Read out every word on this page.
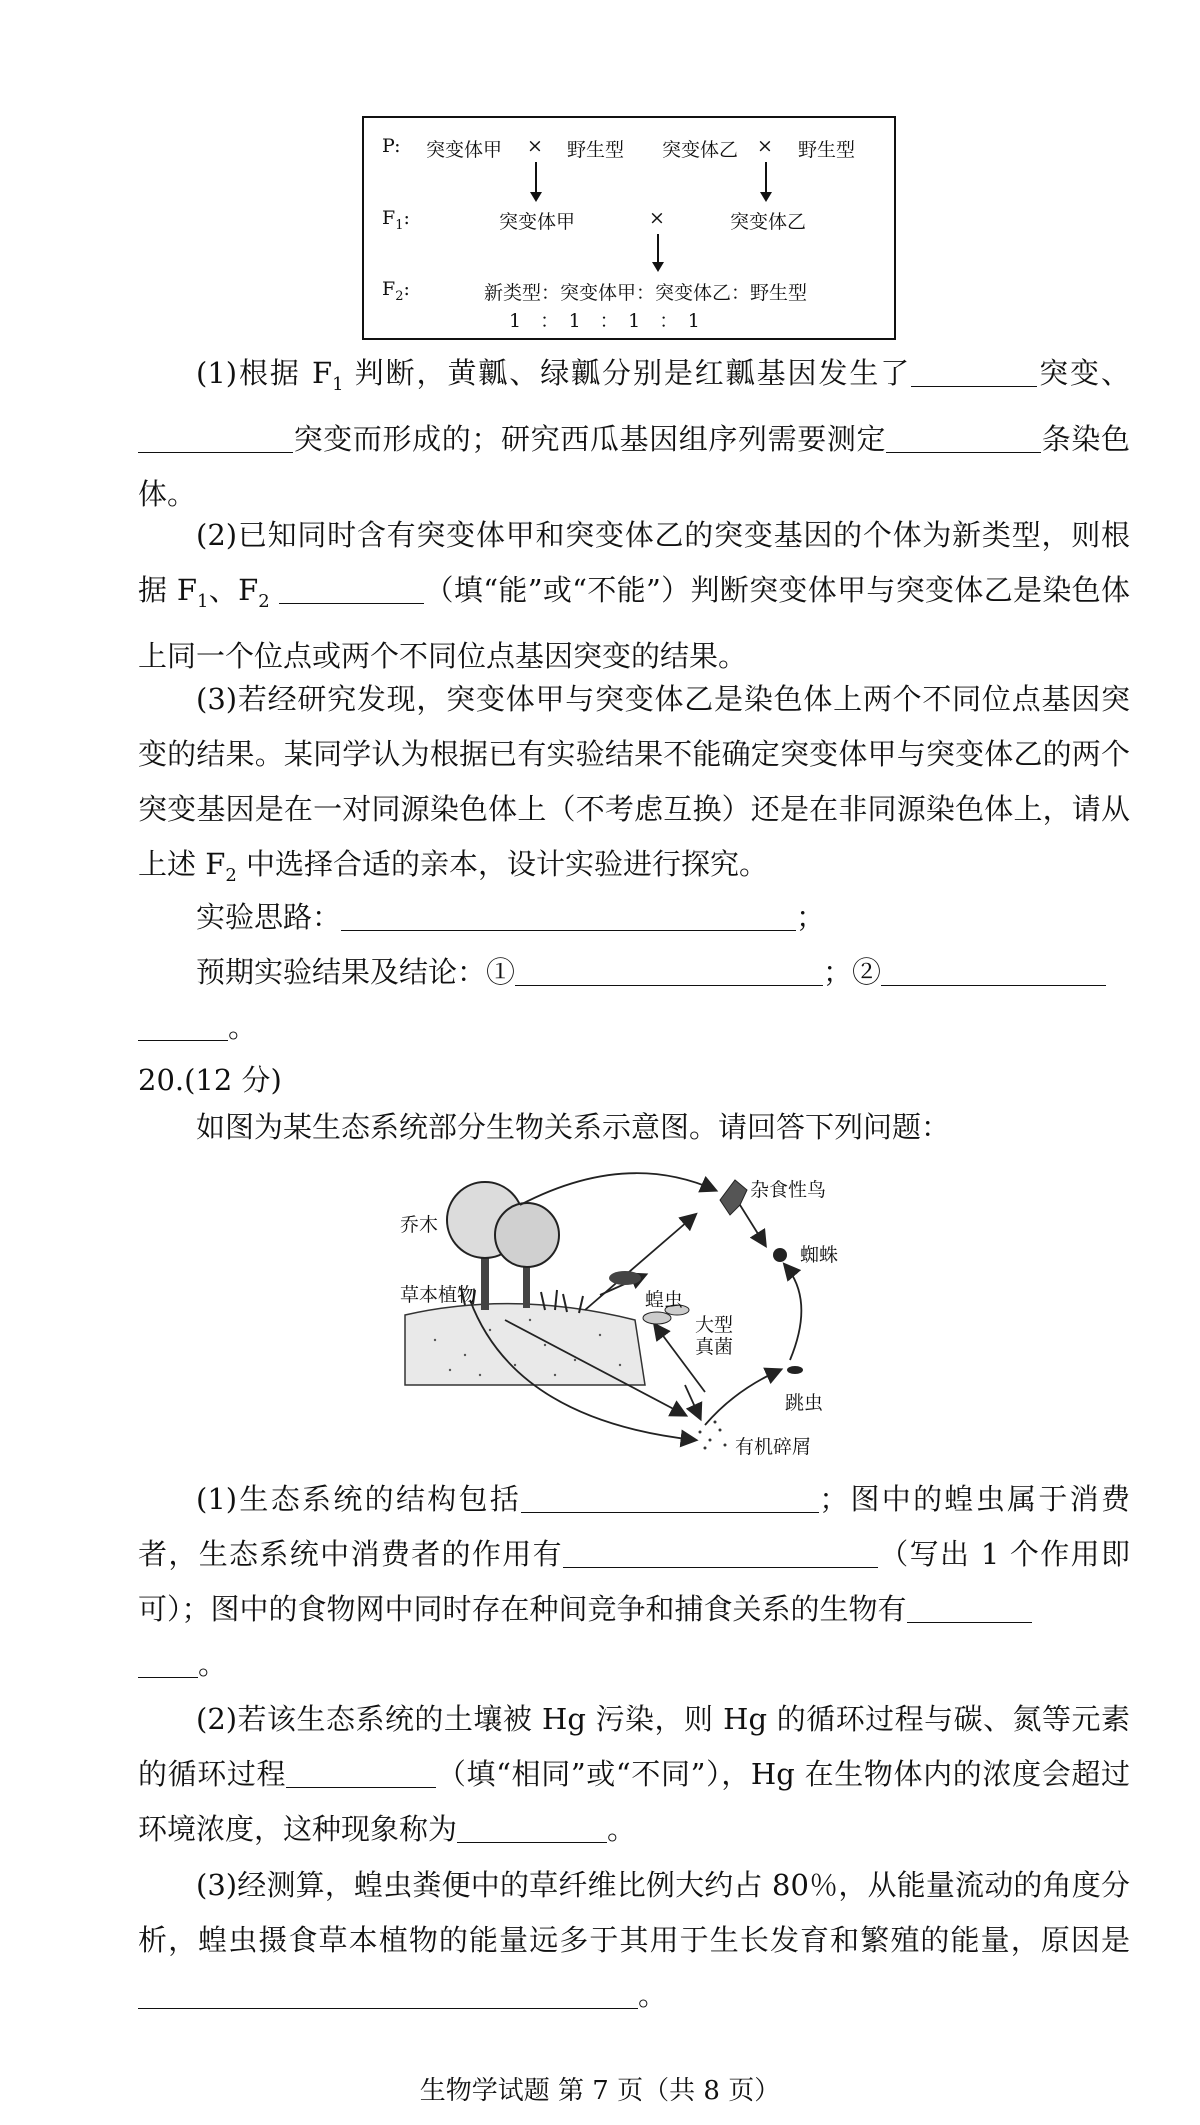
P: 突变体甲 × 野生型 突变体乙 × 野生型
$F_1$:	突变体甲	×	突变体乙
$F_2$:	新类型：突变体甲：突变体乙：野生型
1　：　1　：　1　：　1
(1)根据 $F_1$ 判断，黄瓤、绿瓤分别是红瓤基因发生了	突变、突变而形成的；研究西瓜基因组序列需要测定	条染色体。
(2)已知同时含有突变体甲和突变体乙的突变基因的个体为新类型，则根据 $F_1$、$F_2$	（填“能”或“不能”）判断突变体甲与突变体乙是染色体上同一个位点或两个不同位点基因突变的结果。
(3)若经研究发现，突变体甲与突变体乙是染色体上两个不同位点基因突变的结果。某同学认为根据已有实验结果不能确定突变体甲与突变体乙的两个突变基因是在一对同源染色体上（不考虑互换）还是在非同源染色体上，请从上述 $F_2$ 中选择合适的亲本，设计实验进行探究。
实验思路：	；
预期实验结果及结论：①	；②
。
20.(12 分)
如图为某生态系统部分生物关系示意图。请回答下列问题：
乔木
草本植物
杂食性鸟
蜘蛛
蝗虫
大型
真菌
跳虫
有机碎屑
(1)生态系统的结构包括	；图中的蝗虫属于消费者，生态系统中消费者的作用有	（写出 1 个作用即可）；图中的食物网中同时存在种间竞争和捕食关系的生物有
。
(2)若该生态系统的土壤被 Hg 污染，则 Hg 的循环过程与碳、氮等元素的循环过程	（填“相同”或“不同”），Hg 在生物体内的浓度会超过环境浓度，这种现象称为	。
(3)经测算，蝗虫粪便中的草纤维比例大约占 80％，从能量流动的角度分析，蝗虫摄食草本植物的能量远多于其用于生长发育和繁殖的能量，原因是。
生物学试题 第 7 页（共 8 页）
